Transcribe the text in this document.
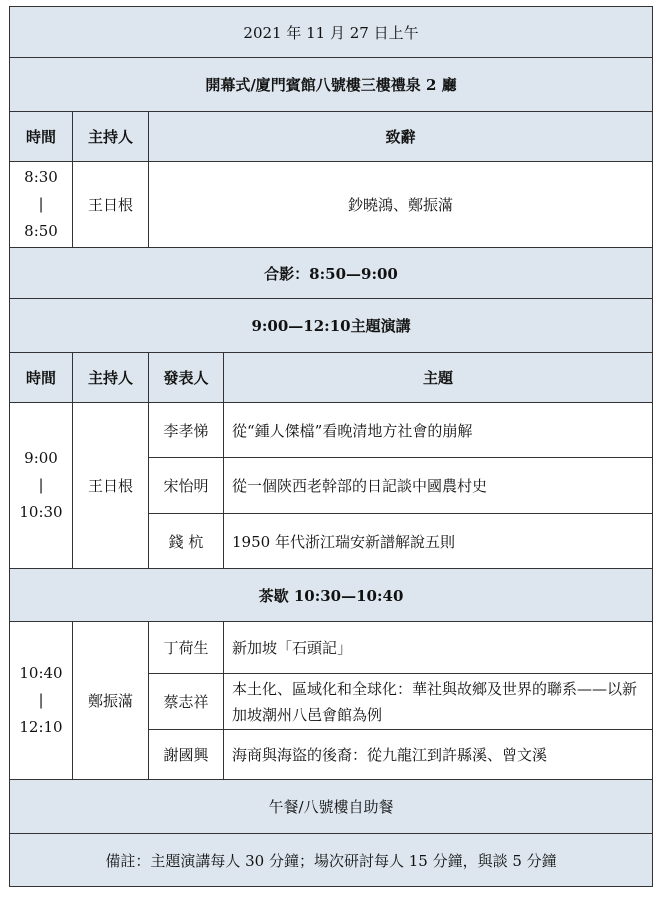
2021 年 11 月 27 日上午			
開幕式/廈門賓館八號樓三樓禮泉 2 廳			
時間	主持人	致辭	

8:30
|
8:50	王日根	鈔曉鴻、鄭振滿	
合影：8:50—9:00			
9:00—12:10主題演講			
時間	主持人	發表人	主題

9:00
|
10:30	王日根	李孝悌	從“鍾人傑檔”看晚清地方社會的崩解
		宋怡明	從一個陝西老幹部的日記談中國農村史
		錢 杭	1950 年代浙江瑞安新譜解說五則
茶歇 10:30—10:40			

10:40
|
12:10	鄭振滿	丁荷生	新加坡「石頭記」
		蔡志祥	本土化、區域化和全球化：華社與故鄉及世界的聯系——以新加坡潮州八邑會館為例
		謝國興	海商與海盜的後裔：從九龍江到許縣溪、曾文溪
午餐/八號樓自助餐			
備註：主題演講每人 30 分鐘；場次研討每人 15 分鐘，與談 5 分鐘			
